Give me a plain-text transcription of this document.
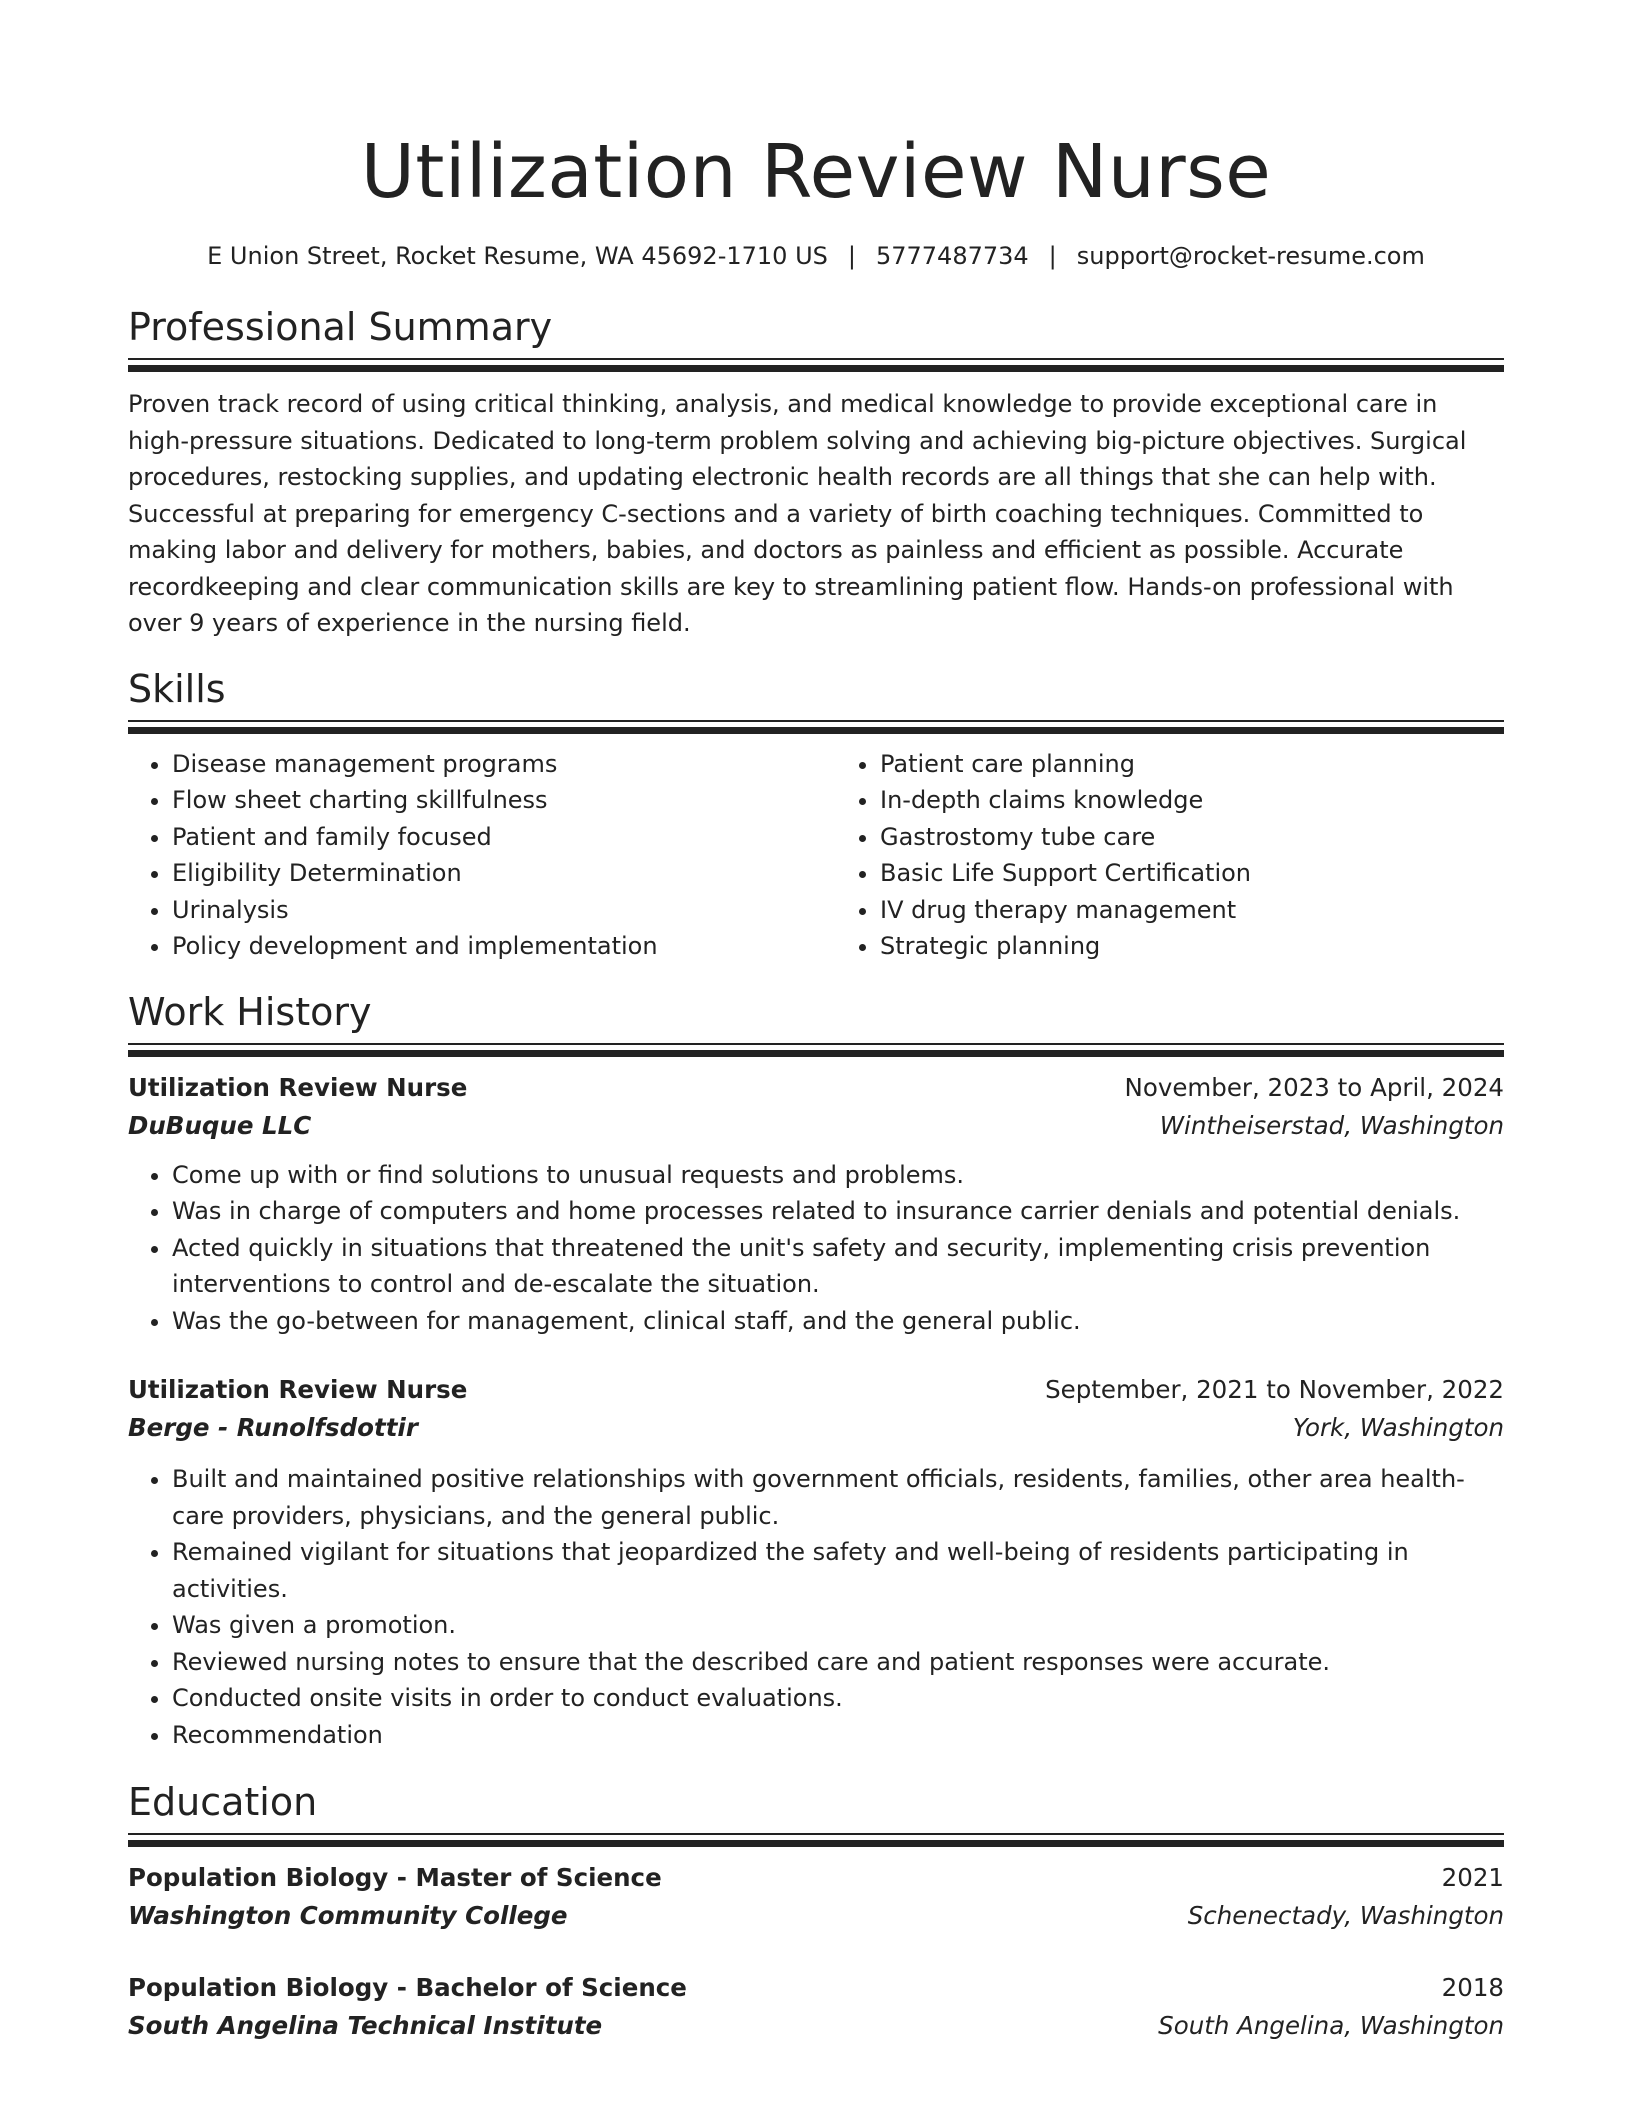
Utilization Review Nurse
E Union Street, Rocket Resume, WA 45692-1710 US | 5777487734 | support@rocket-resume.com
Professional Summary
Proven track record of using critical thinking, analysis, and medical knowledge to provide exceptional care in high-pressure situations. Dedicated to long-term problem solving and achieving big-picture objectives. Surgical procedures, restocking supplies, and updating electronic health records are all things that she can help with. Successful at preparing for emergency C-sections and a variety of birth coaching techniques. Committed to making labor and delivery for mothers, babies, and doctors as painless and efficient as possible. Accurate recordkeeping and clear communication skills are key to streamlining patient flow. Hands-on professional with over 9 years of experience in the nursing field.
Skills
• Disease management programs
• Flow sheet charting skillfulness
• Patient and family focused
• Eligibility Determination
• Urinalysis
• Policy development and implementation
• Patient care planning
• In-depth claims knowledge
• Gastrostomy tube care
• Basic Life Support Certification
• IV drug therapy management
• Strategic planning
Work History
Utilization Review Nurse	November, 2023 to April, 2024
DuBuque LLC	Wintheiserstad, Washington
• Come up with or find solutions to unusual requests and problems.
• Was in charge of computers and home processes related to insurance carrier denials and potential denials.
• Acted quickly in situations that threatened the unit's safety and security, implementing crisis prevention interventions to control and de-escalate the situation.
• Was the go-between for management, clinical staff, and the general public.
Utilization Review Nurse	September, 2021 to November, 2022
Berge - Runolfsdottir	York, Washington
• Built and maintained positive relationships with government officials, residents, families, other area health-care providers, physicians, and the general public.
• Remained vigilant for situations that jeopardized the safety and well-being of residents participating in activities.
• Was given a promotion.
• Reviewed nursing notes to ensure that the described care and patient responses were accurate.
• Conducted onsite visits in order to conduct evaluations.
• Recommendation
Education
Population Biology - Master of Science	2021
Washington Community College	Schenectady, Washington
Population Biology - Bachelor of Science	2018
South Angelina Technical Institute	South Angelina, Washington
